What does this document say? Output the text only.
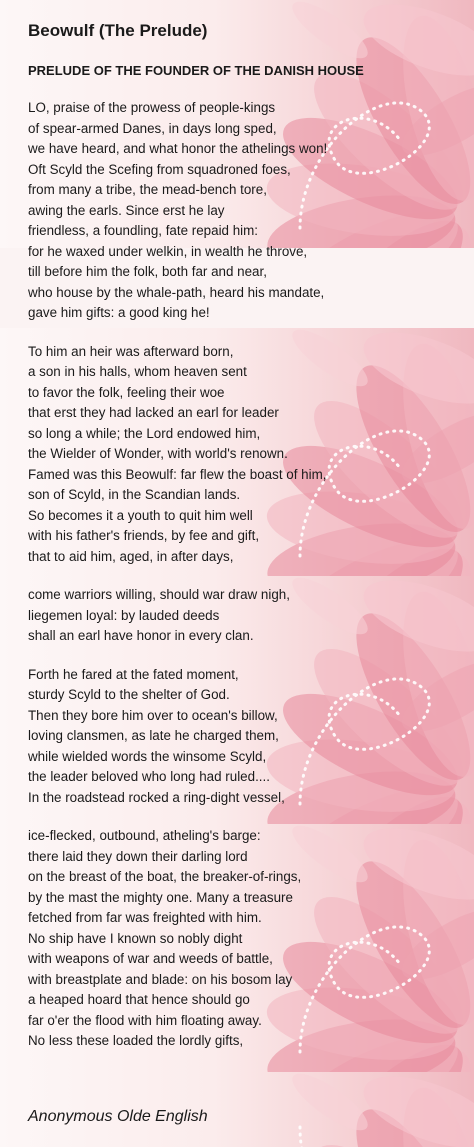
Beowulf (The Prelude)
PRELUDE OF THE FOUNDER OF THE DANISH HOUSE

LO, praise of the prowess of people-kings

of spear-armed Danes, in days long sped,

we have heard, and what honor the athelings won!

Oft Scyld the Scefing from squadroned foes,

from many a tribe, the mead-bench tore,

awing the earls. Since erst he lay

friendless, a foundling, fate repaid him:

for he waxed under welkin, in wealth he throve,

till before him the folk, both far and near,

who house by the whale-path, heard his mandate,

gave him gifts: a good king he!

To him an heir was afterward born,

a son in his halls, whom heaven sent

to favor the folk, feeling their woe

that erst they had lacked an earl for leader

so long a while; the Lord endowed him,

the Wielder of Wonder, with world's renown.

Famed was this Beowulf: far flew the boast of him,

son of Scyld, in the Scandian lands.

So becomes it a youth to quit him well

with his father's friends, by fee and gift,

that to aid him, aged, in after days,

come warriors willing, should war draw nigh,

liegemen loyal: by lauded deeds

shall an earl have honor in every clan.

Forth he fared at the fated moment,

sturdy Scyld to the shelter of God.

Then they bore him over to ocean's billow,

loving clansmen, as late he charged them,

while wielded words the winsome Scyld,

the leader beloved who long had ruled....

In the roadstead rocked a ring-dight vessel,

ice-flecked, outbound, atheling's barge:

there laid they down their darling lord

on the breast of the boat, the breaker-of-rings,

by the mast the mighty one. Many a treasure

fetched from far was freighted with him.

No ship have I known so nobly dight

with weapons of war and weeds of battle,

with breastplate and blade: on his bosom lay

a heaped hoard that hence should go

far o'er the flood with him floating away.

No less these loaded the lordly gifts,

Anonymous Olde English
